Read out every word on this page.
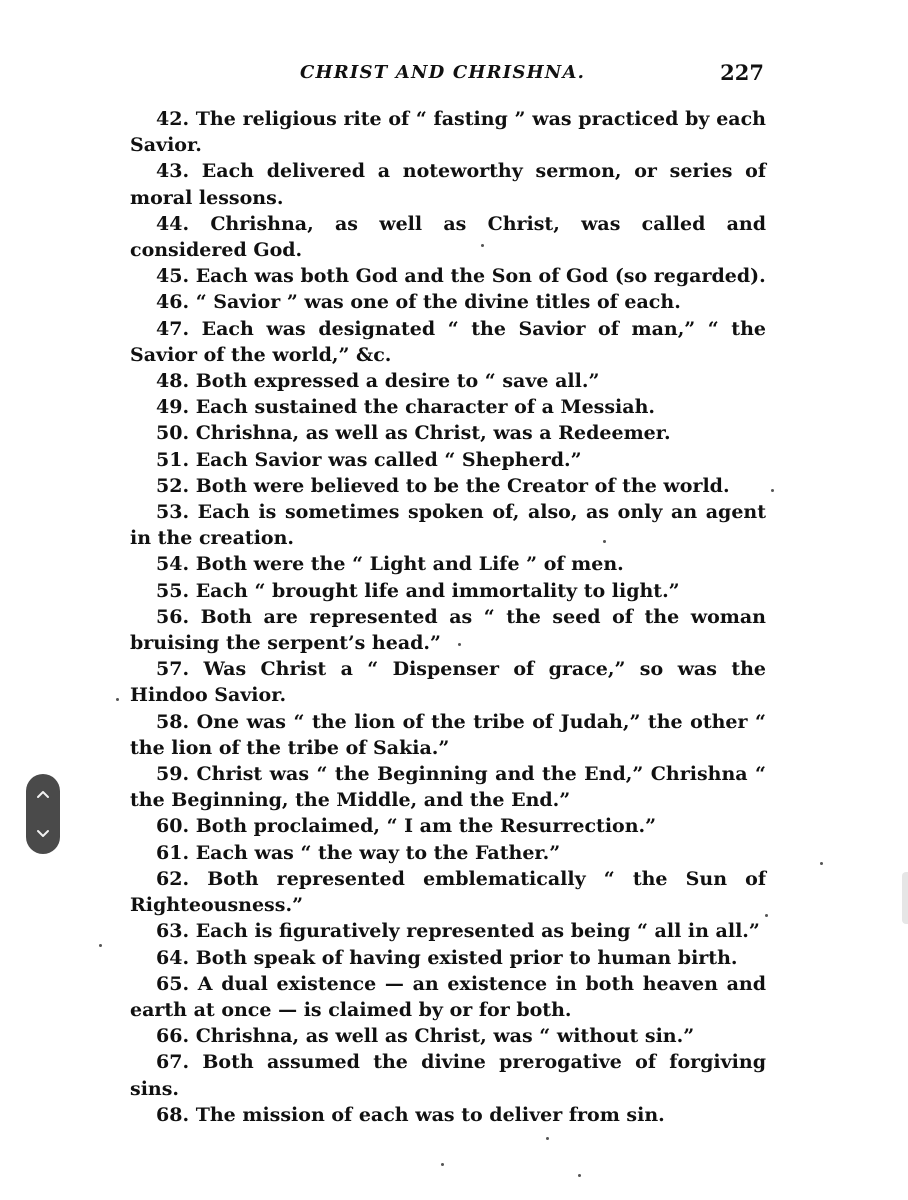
CHRIST AND CHRISHNA.	227

42. The religious rite of “ fasting ” was practiced by each Savior.

43. Each delivered a noteworthy sermon, or series of moral lessons.

44. Chrishna, as well as Christ, was called and considered God.

45. Each was both God and the Son of God (so regarded).

46. “ Savior ” was one of the divine titles of each.

47. Each was designated “ the Savior of man,” “ the Savior of the world,” &c.

48. Both expressed a desire to “ save all.”

49. Each sustained the character of a Messiah.

50. Chrishna, as well as Christ, was a Redeemer.

51. Each Savior was called “ Shepherd.”

52. Both were believed to be the Creator of the world.

53. Each is sometimes spoken of, also, as only an agent in the creation.

54. Both were the “ Light and Life ” of men.

55. Each “ brought life and immortality to light.”

56. Both are represented as “ the seed of the woman bruising the serpent’s head.”

57. Was Christ a “ Dispenser of grace,” so was the Hindoo Savior.

58. One was “ the lion of the tribe of Judah,” the other “ the lion of the tribe of Sakia.”

59. Christ was “ the Beginning and the End,” Chrishna “ the Beginning, the Middle, and the End.”

60. Both proclaimed, “ I am the Resurrection.”

61. Each was “ the way to the Father.”

62. Both represented emblematically “ the Sun of Righteousness.”

63. Each is figuratively represented as being “ all in all.”

64. Both speak of having existed prior to human birth.

65. A dual existence — an existence in both heaven and earth at once — is claimed by or for both.

66. Chrishna, as well as Christ, was “ without sin.”

67. Both assumed the divine prerogative of forgiving sins.

68. The mission of each was to deliver from sin.
